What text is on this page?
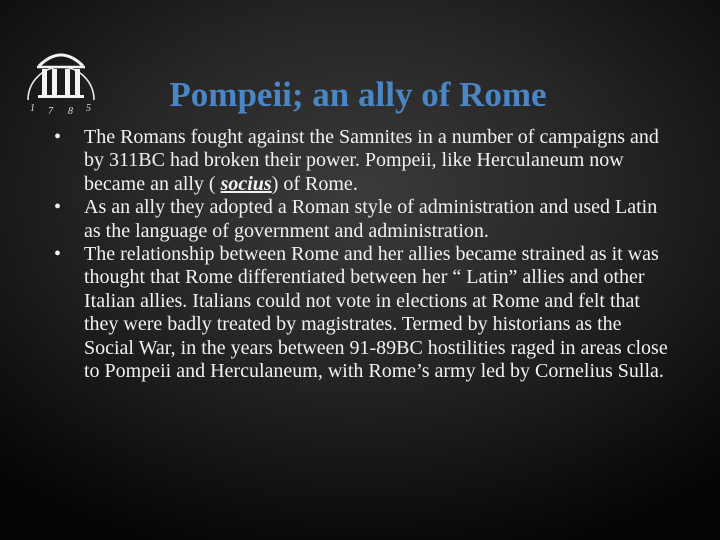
1 7 8 5	Pompeii; an ally of Rome
• The Romans fought against the Samnites in a number of campaigns and by 311BC had broken their power. Pompeii, like Herculaneum now became an ally ( socius) of Rome.
• As an ally they adopted a Roman style of administration and used Latin as the language of government and administration.
• The relationship between Rome and her allies became strained as it was thought that Rome differentiated between her “ Latin” allies and other Italian allies. Italians could not vote in elections at Rome and felt that they were badly treated by magistrates. Termed by historians as the Social War, in the years between 91-89BC hostilities raged in areas close to Pompeii and Herculaneum, with Rome’s army led by Cornelius Sulla.
